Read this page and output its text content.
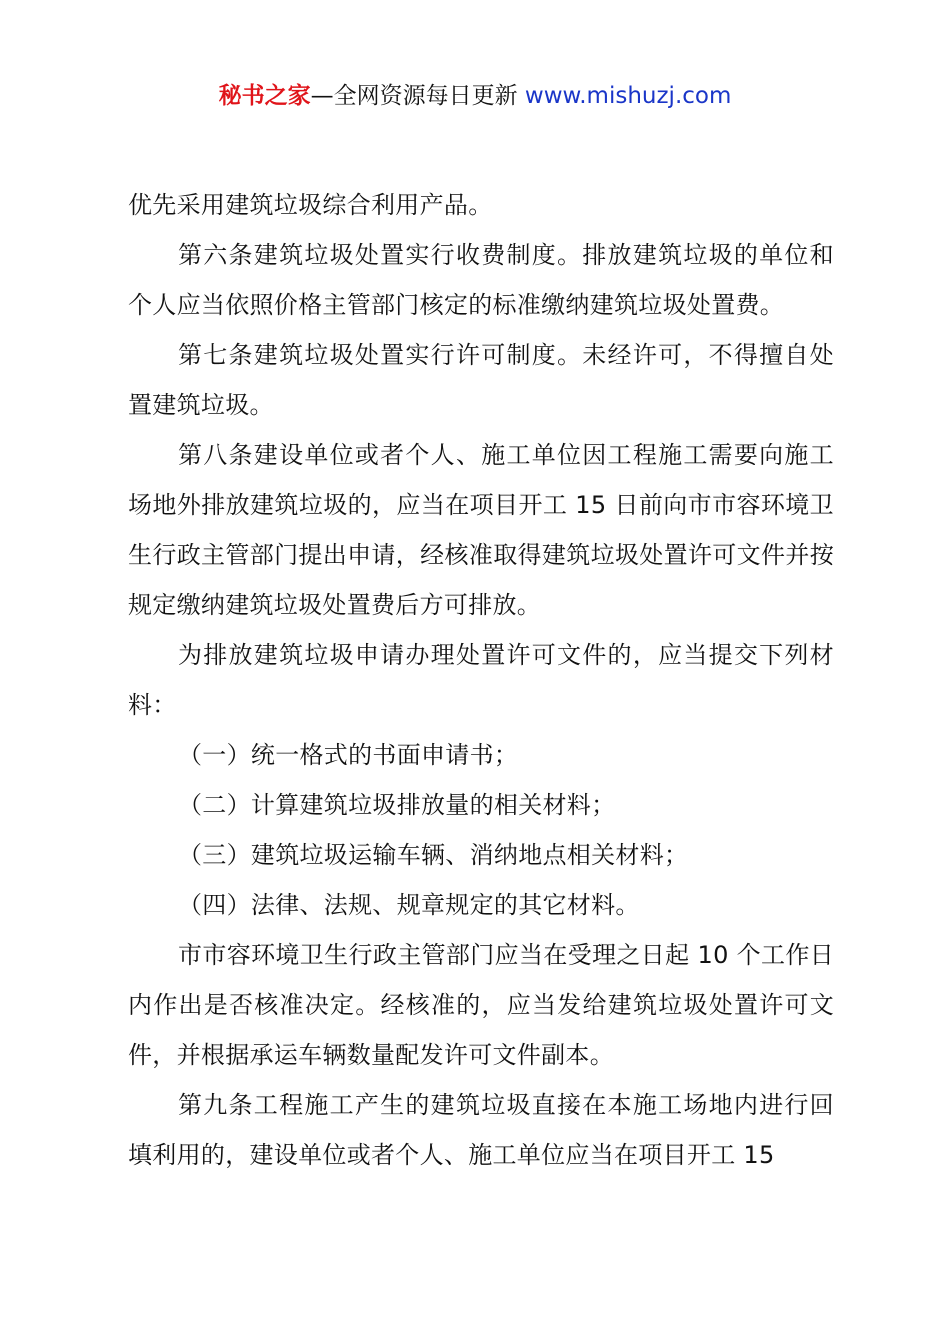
秘书之家—全网资源每日更新 www.mishuzj.com

优先采用建筑垃圾综合利用产品。

第六条建筑垃圾处置实行收费制度。排放建筑垃圾的单位和个人应当依照价格主管部门核定的标准缴纳建筑垃圾处置费。

第七条建筑垃圾处置实行许可制度。未经许可，不得擅自处置建筑垃圾。

第八条建设单位或者个人、施工单位因工程施工需要向施工场地外排放建筑垃圾的，应当在项目开工 15 日前向市市容环境卫生行政主管部门提出申请，经核准取得建筑垃圾处置许可文件并按规定缴纳建筑垃圾处置费后方可排放。

为排放建筑垃圾申请办理处置许可文件的，应当提交下列材料：

（一）统一格式的书面申请书；

（二）计算建筑垃圾排放量的相关材料；

（三）建筑垃圾运输车辆、消纳地点相关材料；

（四）法律、法规、规章规定的其它材料。

市市容环境卫生行政主管部门应当在受理之日起 10 个工作日内作出是否核准决定。经核准的，应当发给建筑垃圾处置许可文件，并根据承运车辆数量配发许可文件副本。

第九条工程施工产生的建筑垃圾直接在本施工场地内进行回填利用的，建设单位或者个人、施工单位应当在项目开工 15
